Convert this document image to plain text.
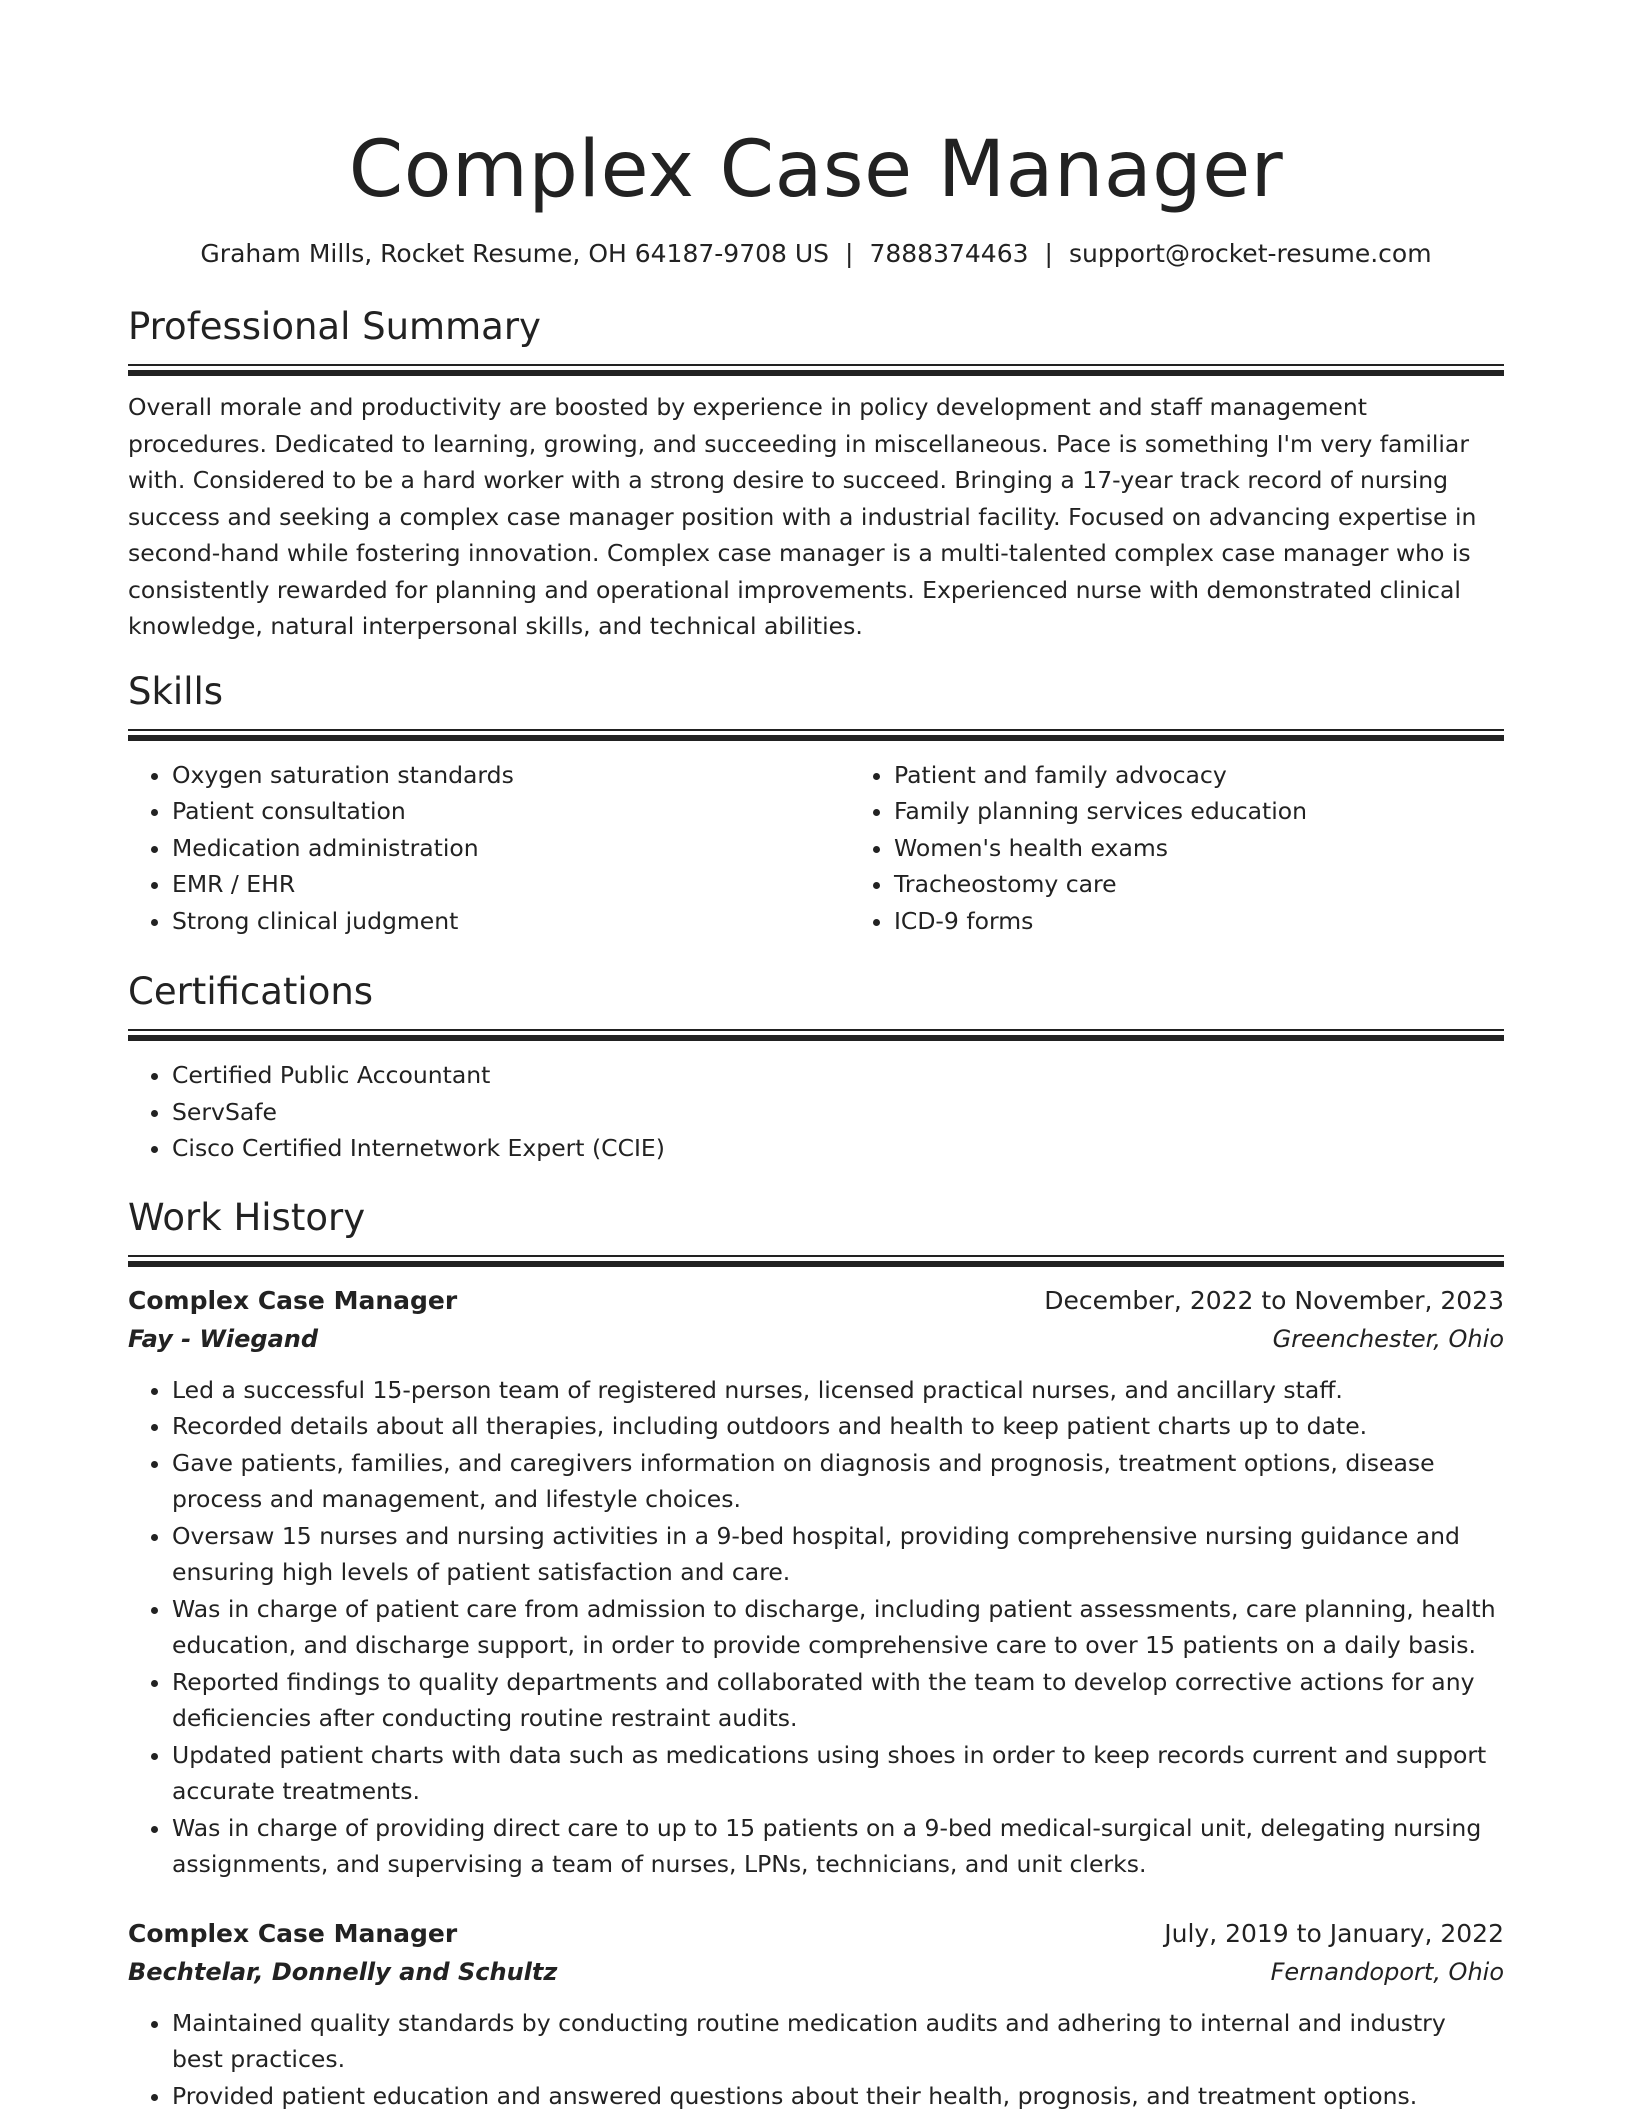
Complex Case Manager
Graham Mills, Rocket Resume, OH 64187-9708 US | 7888374463 | support@rocket-resume.com
Professional Summary

Overall morale and productivity are boosted by experience in policy development and staff management procedures. Dedicated to learning, growing, and succeeding in miscellaneous. Pace is something I'm very familiar with. Considered to be a hard worker with a strong desire to succeed. Bringing a 17-year track record of nursing success and seeking a complex case manager position with a industrial facility. Focused on advancing expertise in second-hand while fostering innovation. Complex case manager is a multi-talented complex case manager who is consistently rewarded for planning and operational improvements. Experienced nurse with demonstrated clinical knowledge, natural interpersonal skills, and technical abilities.

Skills
• Oxygen saturation standards
• Patient consultation
• Medication administration
• EMR / EHR
• Strong clinical judgment
• Patient and family advocacy
• Family planning services education
• Women's health exams
• Tracheostomy care
• ICD-9 forms
Certifications
• Certified Public Accountant
• ServSafe
• Cisco Certified Internetwork Expert (CCIE)
Work History
Complex Case Manager	December, 2022 to November, 2023
Fay - Wiegand	Greenchester, Ohio
• Led a successful 15-person team of registered nurses, licensed practical nurses, and ancillary staff.
• Recorded details about all therapies, including outdoors and health to keep patient charts up to date.
• Gave patients, families, and caregivers information on diagnosis and prognosis, treatment options, disease process and management, and lifestyle choices.
• Oversaw 15 nurses and nursing activities in a 9-bed hospital, providing comprehensive nursing guidance and ensuring high levels of patient satisfaction and care.
• Was in charge of patient care from admission to discharge, including patient assessments, care planning, health education, and discharge support, in order to provide comprehensive care to over 15 patients on a daily basis.
• Reported findings to quality departments and collaborated with the team to develop corrective actions for any deficiencies after conducting routine restraint audits.
• Updated patient charts with data such as medications using shoes in order to keep records current and support accurate treatments.
• Was in charge of providing direct care to up to 15 patients on a 9-bed medical-surgical unit, delegating nursing assignments, and supervising a team of nurses, LPNs, technicians, and unit clerks.
Complex Case Manager	July, 2019 to January, 2022
Bechtelar, Donnelly and Schultz	Fernandoport, Ohio
• Maintained quality standards by conducting routine medication audits and adhering to internal and industry best practices.
• Provided patient education and answered questions about their health, prognosis, and treatment options.
